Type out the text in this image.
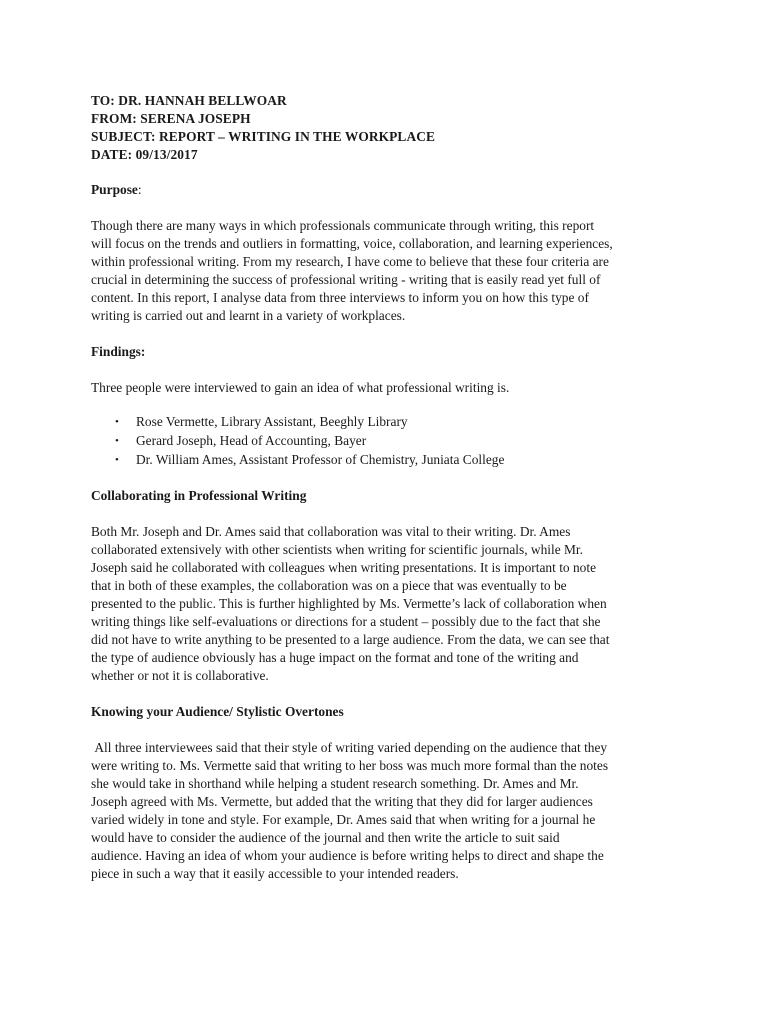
TO: DR. HANNAH BELLWOAR
FROM: SERENA JOSEPH
SUBJECT: REPORT – WRITING IN THE WORKPLACE
DATE: 09/13/2017
Purpose:

Though there are many ways in which professionals communicate through writing, this report
will focus on the trends and outliers in formatting, voice, collaboration, and learning experiences,
within professional writing. From my research, I have come to believe that these four criteria are
crucial in determining the success of professional writing - writing that is easily read yet full of
content. In this report, I analyse data from three interviews to inform you on how this type of
writing is carried out and learnt in a variety of workplaces.

Findings:

Three people were interviewed to gain an idea of what professional writing is.

• Rose Vermette, Library Assistant, Beeghly Library
• Gerard Joseph, Head of Accounting, Bayer
• Dr. William Ames, Assistant Professor of Chemistry, Juniata College
Collaborating in Professional Writing

Both Mr. Joseph and Dr. Ames said that collaboration was vital to their writing. Dr. Ames
collaborated extensively with other scientists when writing for scientific journals, while Mr.
Joseph said he collaborated with colleagues when writing presentations. It is important to note
that in both of these examples, the collaboration was on a piece that was eventually to be
presented to the public. This is further highlighted by Ms. Vermette’s lack of collaboration when
writing things like self-evaluations or directions for a student – possibly due to the fact that she
did not have to write anything to be presented to a large audience. From the data, we can see that
the type of audience obviously has a huge impact on the format and tone of the writing and
whether or not it is collaborative.

Knowing your Audience/ Stylistic Overtones

All three interviewees said that their style of writing varied depending on the audience that they
were writing to. Ms. Vermette said that writing to her boss was much more formal than the notes
she would take in shorthand while helping a student research something. Dr. Ames and Mr.
Joseph agreed with Ms. Vermette, but added that the writing that they did for larger audiences
varied widely in tone and style. For example, Dr. Ames said that when writing for a journal he
would have to consider the audience of the journal and then write the article to suit said
audience. Having an idea of whom your audience is before writing helps to direct and shape the
piece in such a way that it easily accessible to your intended readers.
